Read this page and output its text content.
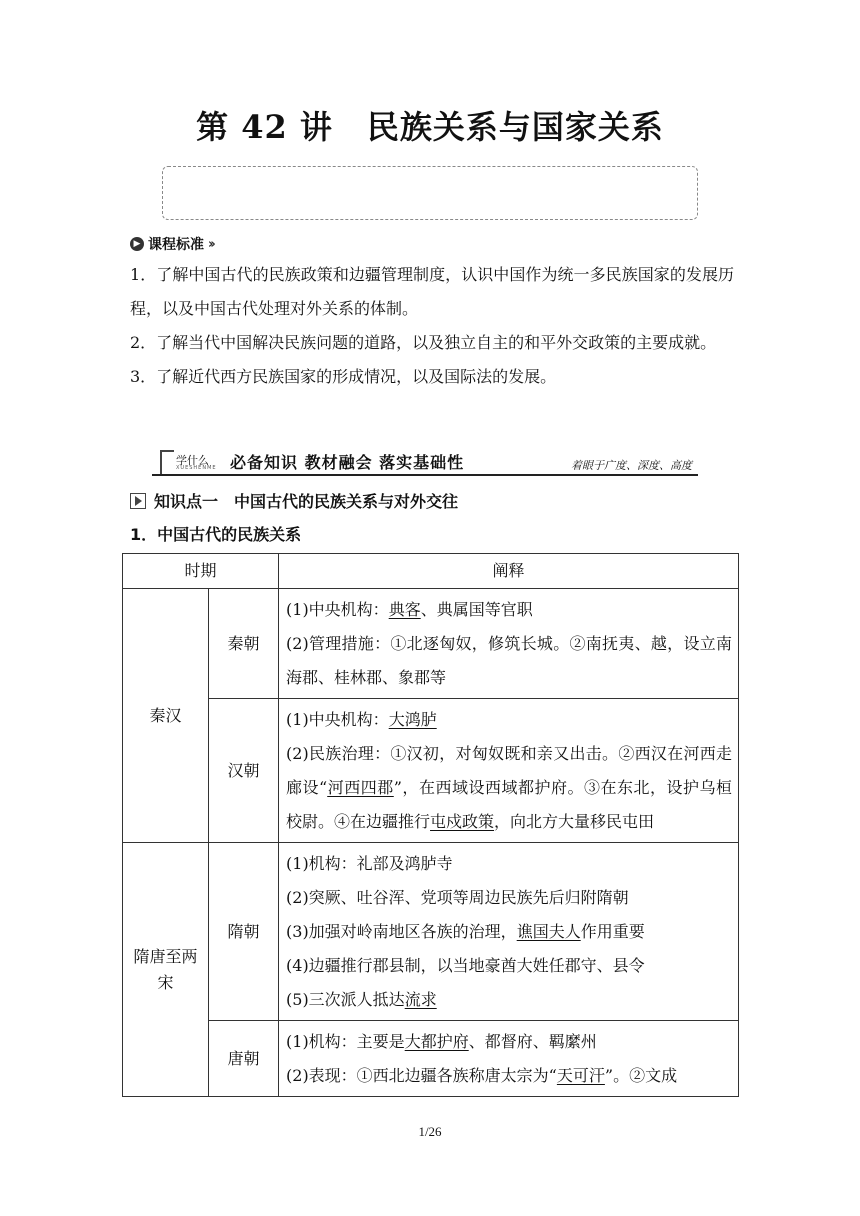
第 42 讲 民族关系与国家关系
▶ 课程标准 ››

1．了解中国古代的民族政策和边疆管理制度，认识中国作为统一多民族国家的发展历程，以及中国古代处理对外关系的体制。

2．了解当代中国解决民族问题的道路，以及独立自主的和平外交政策的主要成就。

3．了解近代西方民族国家的形成情况，以及国际法的发展。

学什么
XUESHENME 必备知识 教材融会 落实基础性	着眼于广度、深度、高度
知识点一　中国古代的民族关系与对外交往
1．中国古代的民族关系
时期		阐释
秦汉	秦朝	(1)中央机构：典客、典属国等官职

(2)管理措施：①北逐匈奴，修筑长城。②南抚夷、越，设立南海郡、桂林郡、象郡等

	汉朝	(1)中央机构：大鸿胪

(2)民族治理：①汉初，对匈奴既和亲又出击。②西汉在河西走廊设“河西四郡”，在西域设西域都护府。③在东北，设护乌桓校尉。④在边疆推行屯戍政策，向北方大量移民屯田

隋唐至两宋	隋朝	(1)机构：礼部及鸿胪寺

(2)突厥、吐谷浑、党项等周边民族先后归附隋朝

(3)加强对岭南地区各族的治理，谯国夫人作用重要

(4)边疆推行郡县制，以当地豪酋大姓任郡守、县令

(5)三次派人抵达流求

	唐朝	(1)机构：主要是大都护府、都督府、羁縻州

(2)表现：①西北边疆各族称唐太宗为“天可汗”。②文成

1/26
